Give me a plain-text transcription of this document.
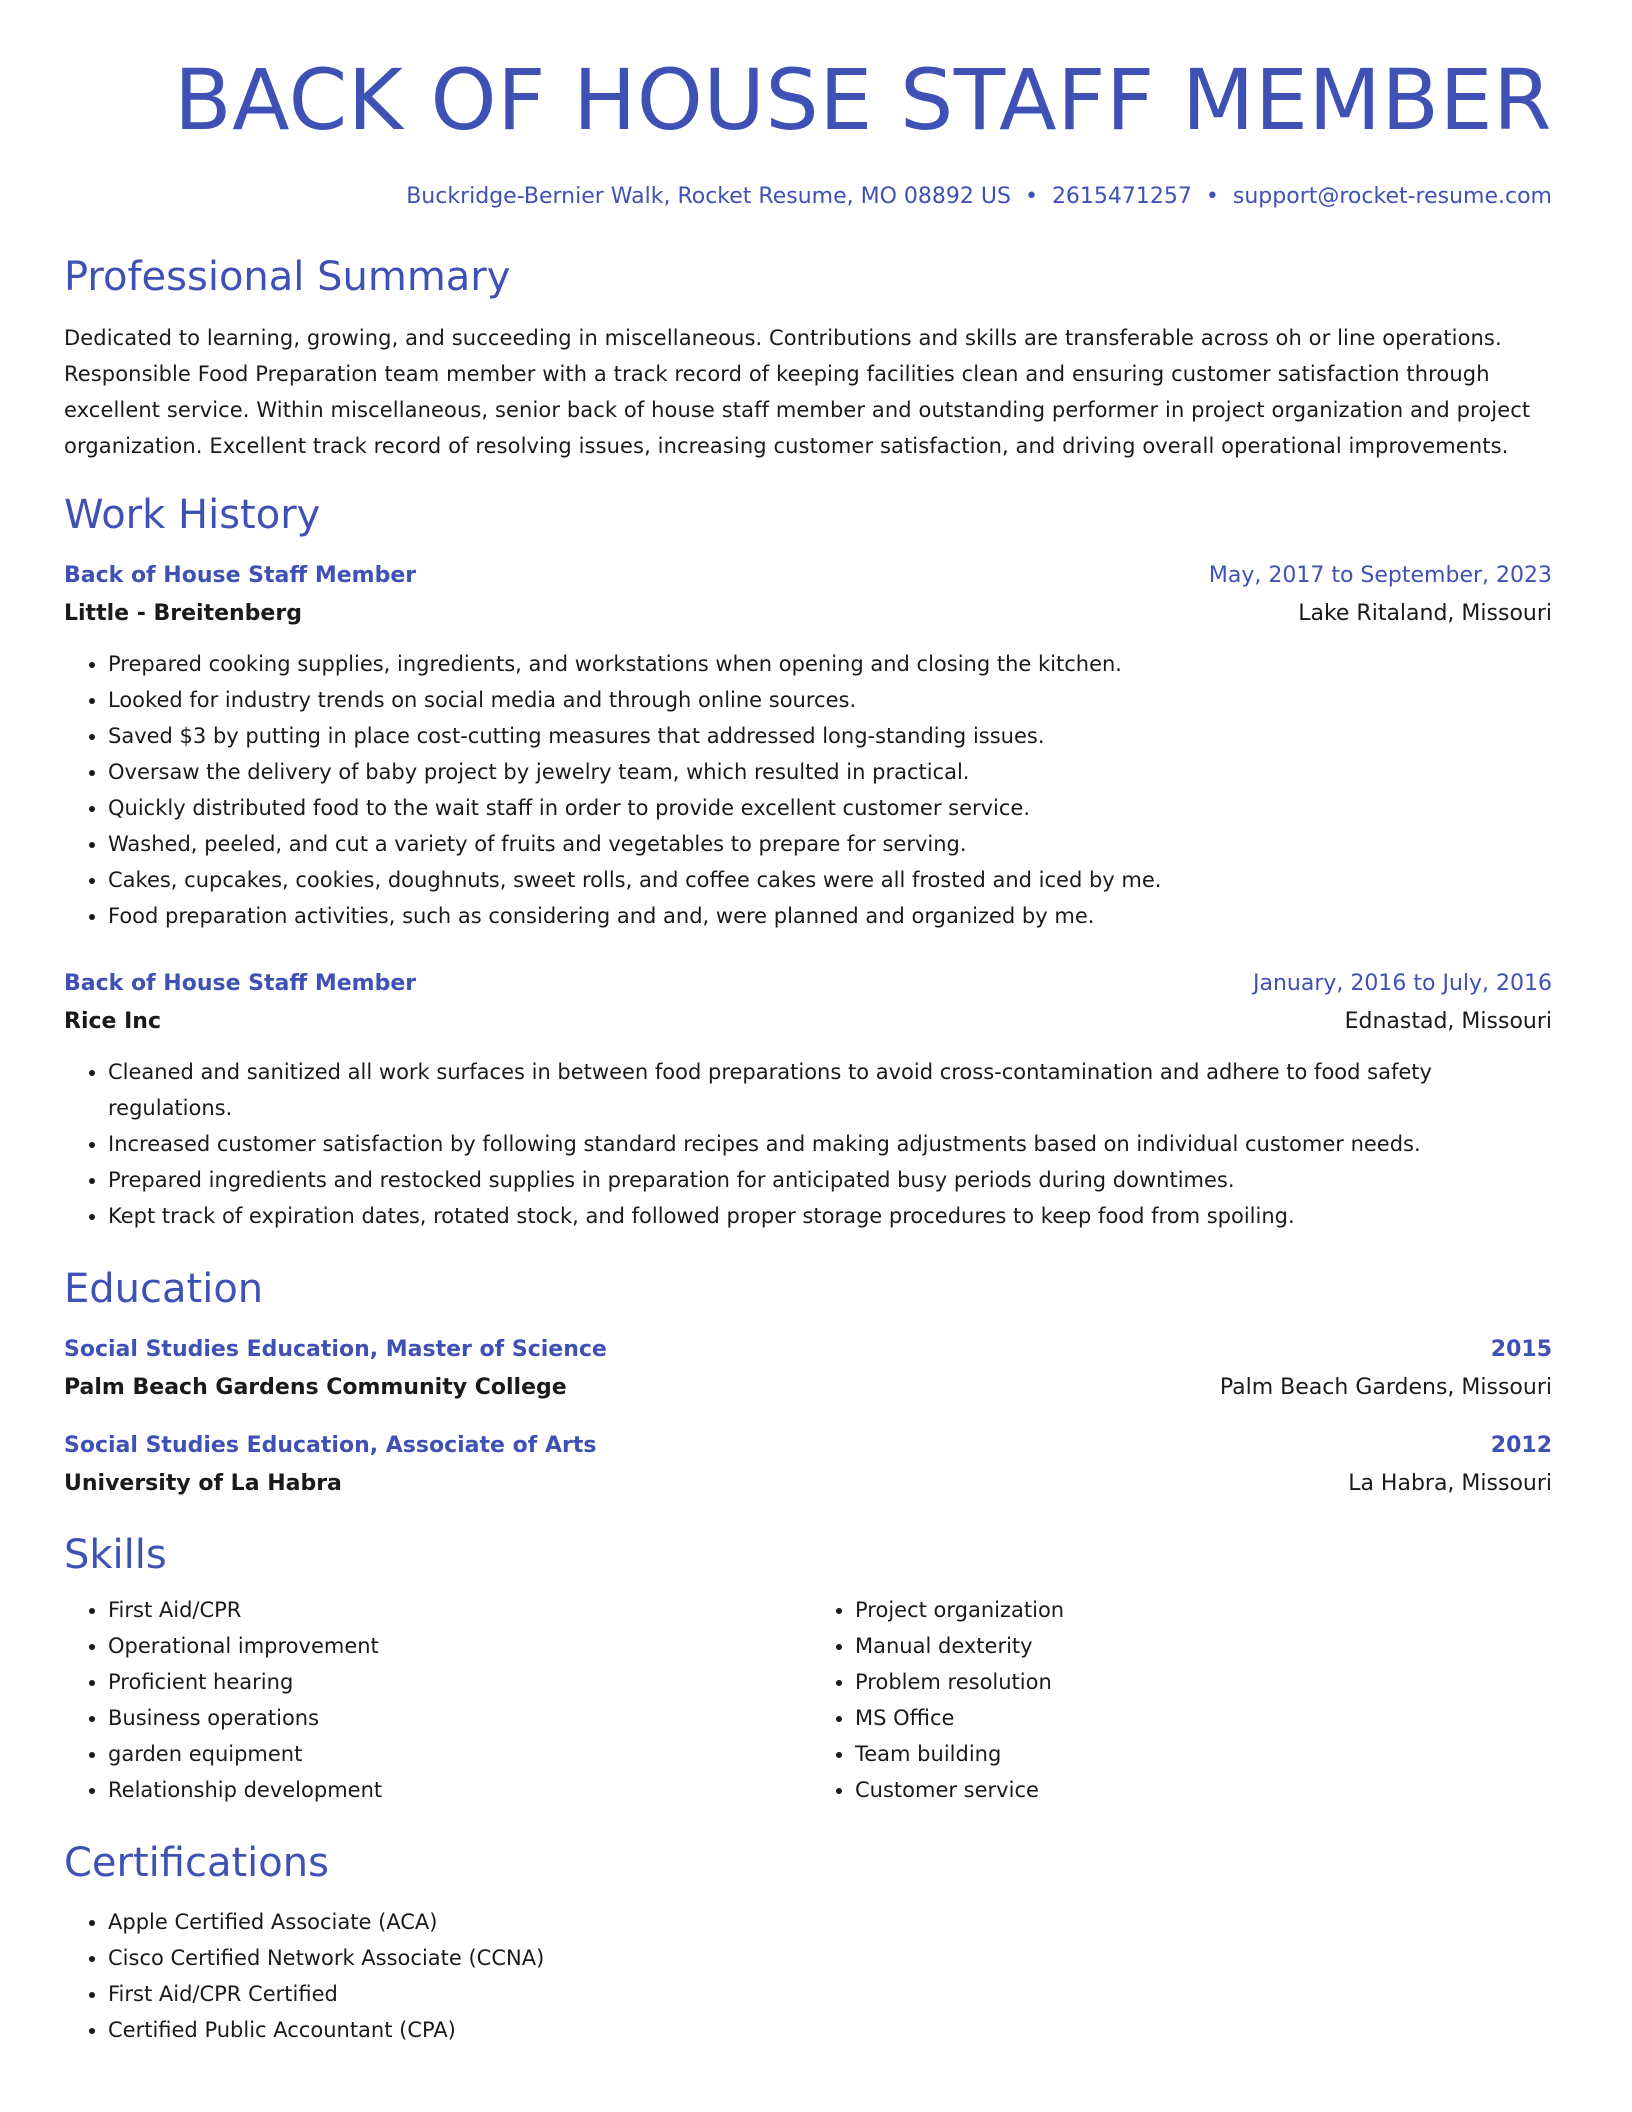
BACK OF HOUSE STAFF MEMBER
Buckridge-Bernier Walk, Rocket Resume, MO 08892 US • 2615471257 • support@rocket-resume.com
Professional Summary
Dedicated to learning, growing, and succeeding in miscellaneous. Contributions and skills are transferable across oh or line operations. Responsible Food Preparation team member with a track record of keeping facilities clean and ensuring customer satisfaction through excellent service. Within miscellaneous, senior back of house staff member and outstanding performer in project organization and project organization. Excellent track record of resolving issues, increasing customer satisfaction, and driving overall operational improvements.
Work History
Back of House Staff Member	May, 2017 to September, 2023
Little - Breitenberg	Lake Ritaland, Missouri
• Prepared cooking supplies, ingredients, and workstations when opening and closing the kitchen.
• Looked for industry trends on social media and through online sources.
• Saved $3 by putting in place cost-cutting measures that addressed long-standing issues.
• Oversaw the delivery of baby project by jewelry team, which resulted in practical.
• Quickly distributed food to the wait staff in order to provide excellent customer service.
• Washed, peeled, and cut a variety of fruits and vegetables to prepare for serving.
• Cakes, cupcakes, cookies, doughnuts, sweet rolls, and coffee cakes were all frosted and iced by me.
• Food preparation activities, such as considering and and, were planned and organized by me.
Back of House Staff Member	January, 2016 to July, 2016
Rice Inc	Ednastad, Missouri
• Cleaned and sanitized all work surfaces in between food preparations to avoid cross-contamination and adhere to food safety regulations.
• Increased customer satisfaction by following standard recipes and making adjustments based on individual customer needs.
• Prepared ingredients and restocked supplies in preparation for anticipated busy periods during downtimes.
• Kept track of expiration dates, rotated stock, and followed proper storage procedures to keep food from spoiling.
Education
Social Studies Education, Master of Science	2015
Palm Beach Gardens Community College	Palm Beach Gardens, Missouri
Social Studies Education, Associate of Arts	2012
University of La Habra	La Habra, Missouri
Skills
• First Aid/CPR
• Operational improvement
• Proficient hearing
• Business operations
• garden equipment
• Relationship development
• Project organization
• Manual dexterity
• Problem resolution
• MS Office
• Team building
• Customer service
Certifications
• Apple Certified Associate (ACA)
• Cisco Certified Network Associate (CCNA)
• First Aid/CPR Certified
• Certified Public Accountant (CPA)
